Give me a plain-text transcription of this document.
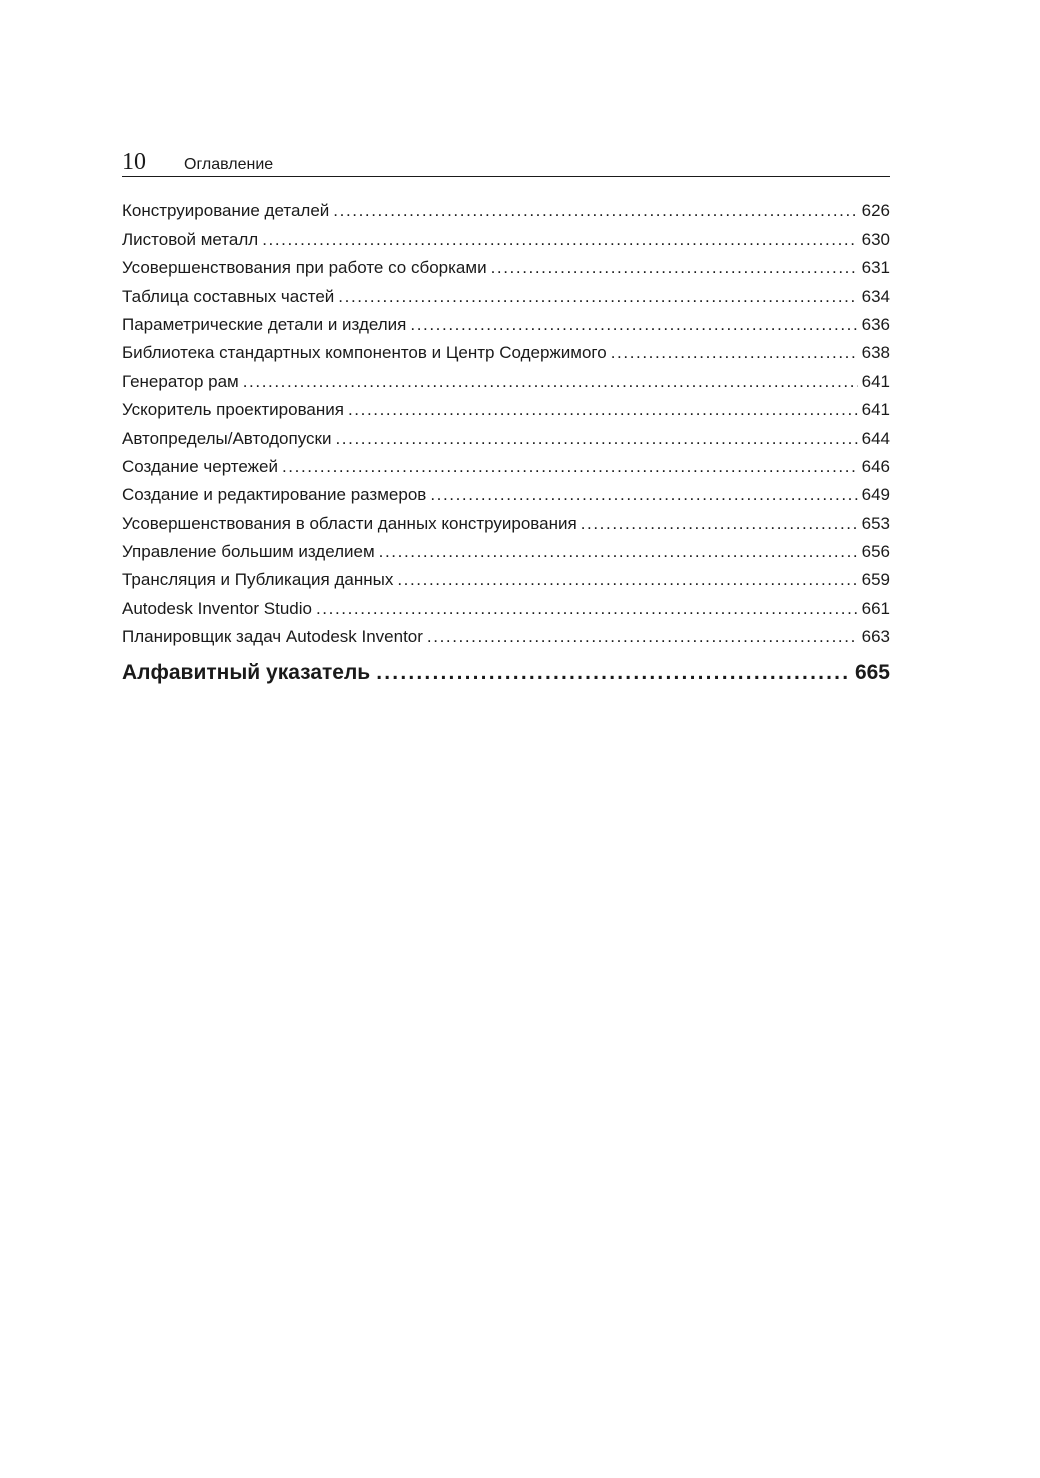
10 Оглавление
Конструирование деталей .....	626
Листовой металл .....	630
Усовершенствования при работе со сборками .....	631
Таблица составных частей .....	634
Параметрические детали и изделия .....	636
Библиотека стандартных компонентов и Центр Содержимого .....	638
Генератор рам .....	641
Ускоритель проектирования .....	641
Автопределы/Автодопуски .....	644
Создание чертежей .....	646
Создание и редактирование размеров .....	649
Усовершенствования в области данных конструирования .....	653
Управление большим изделием .....	656
Трансляция и Публикация данных .....	659
Autodesk Inventor Studio .....	661
Планировщик задач Autodesk Inventor .....	663
Алфавитный указатель .....	665
